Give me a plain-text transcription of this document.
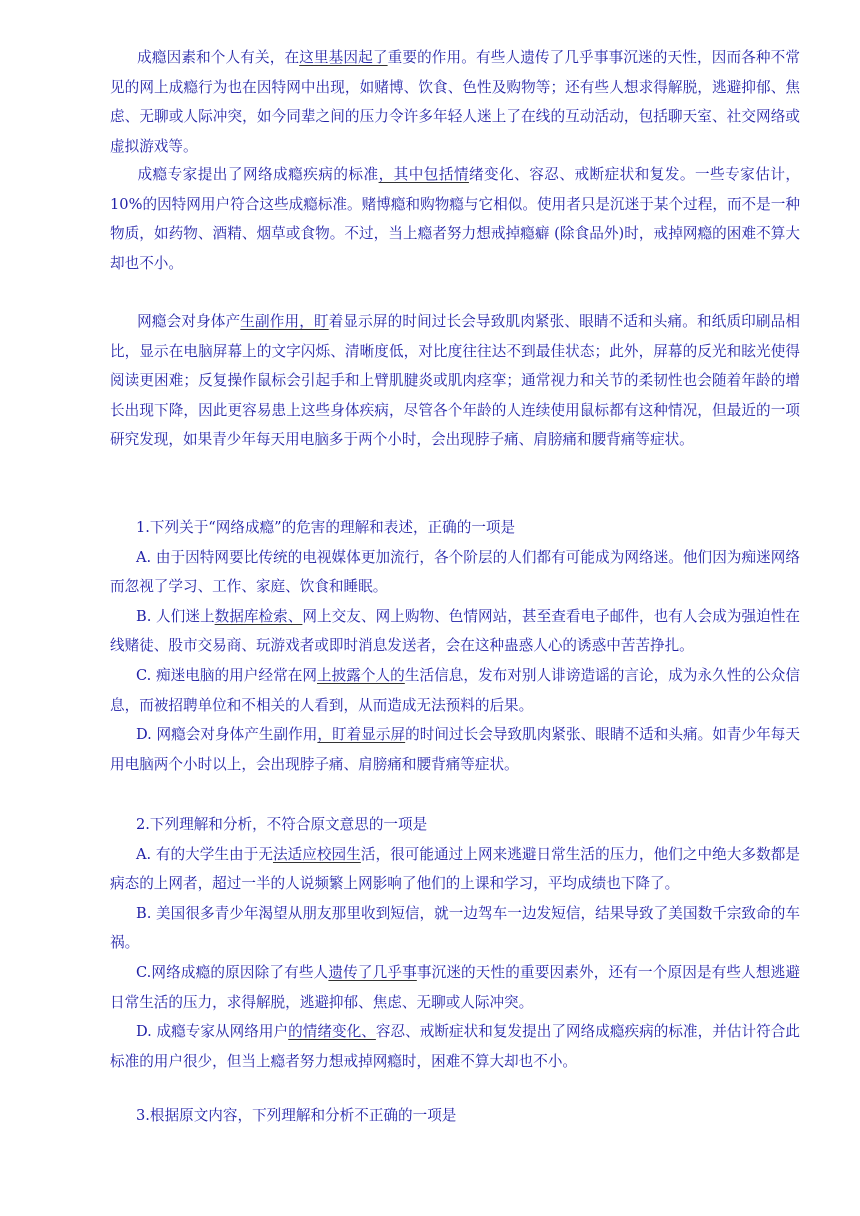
成瘾因素和个人有关，在这里基因起了重要的作用。有些人遗传了几乎事事沉迷的天性，因而各种不常见的网上成瘾行为也在因特网中出现，如赌博、饮食、色性及购物等；还有些人想求得解脱，逃避抑郁、焦虑、无聊或人际冲突，如今同辈之间的压力令许多年轻人迷上了在线的互动活动，包括聊天室、社交网络或虚拟游戏等。
成瘾专家提出了网络成瘾疾病的标准，其中包括情绪变化、容忍、戒断症状和复发。一些专家估计，10%的因特网用户符合这些成瘾标准。赌博瘾和购物瘾与它相似。使用者只是沉迷于某个过程，而不是一种物质，如药物、酒精、烟草或食物。不过，当上瘾者努力想戒掉瘾癖 (除食品外)时，戒掉网瘾的困难不算大却也不小。
网瘾会对身体产生副作用，盯着显示屏的时间过长会导致肌肉紧张、眼睛不适和头痛。和纸质印刷品相比，显示在电脑屏幕上的文字闪烁、清晰度低，对比度往往达不到最佳状态；此外，屏幕的反光和眩光使得阅读更困难；反复操作鼠标会引起手和上臂肌腱炎或肌肉痉挛；通常视力和关节的柔韧性也会随着年龄的增长出现下降，因此更容易患上这些身体疾病，尽管各个年龄的人连续使用鼠标都有这种情况，但最近的一项研究发现，如果青少年每天用电脑多于两个小时，会出现脖子痛、肩膀痛和腰背痛等症状。
1.下列关于“网络成瘾”的危害的理解和表述，正确的一项是
A. 由于因特网要比传统的电视媒体更加流行，各个阶层的人们都有可能成为网络迷。他们因为痴迷网络而忽视了学习、工作、家庭、饮食和睡眠。
B. 人们迷上数据库检索、网上交友、网上购物、色情网站，甚至查看电子邮件，也有人会成为强迫性在线赌徒、股市交易商、玩游戏者或即时消息发送者，会在这种蛊惑人心的诱惑中苦苦挣扎。
C. 痴迷电脑的用户经常在网上披露个人的生活信息，发布对别人诽谤造谣的言论，成为永久性的公众信息，而被招聘单位和不相关的人看到，从而造成无法预料的后果。
D. 网瘾会对身体产生副作用，盯着显示屏的时间过长会导致肌肉紧张、眼睛不适和头痛。如青少年每天用电脑两个小时以上，会出现脖子痛、肩膀痛和腰背痛等症状。
2.下列理解和分析，不符合原文意思的一项是
A. 有的大学生由于无法适应校园生活，很可能通过上网来逃避日常生活的压力，他们之中绝大多数都是病态的上网者，超过一半的人说频繁上网影响了他们的上课和学习，平均成绩也下降了。
B. 美国很多青少年渴望从朋友那里收到短信，就一边驾车一边发短信，结果导致了美国数千宗致命的车祸。
C.网络成瘾的原因除了有些人遗传了几乎事事沉迷的天性的重要因素外，还有一个原因是有些人想逃避日常生活的压力，求得解脱，逃避抑郁、焦虑、无聊或人际冲突。
D. 成瘾专家从网络用户的情绪变化、容忍、戒断症状和复发提出了网络成瘾疾病的标准，并估计符合此标准的用户很少，但当上瘾者努力想戒掉网瘾时，困难不算大却也不小。
3.根据原文内容，下列理解和分析不正确的一项是
